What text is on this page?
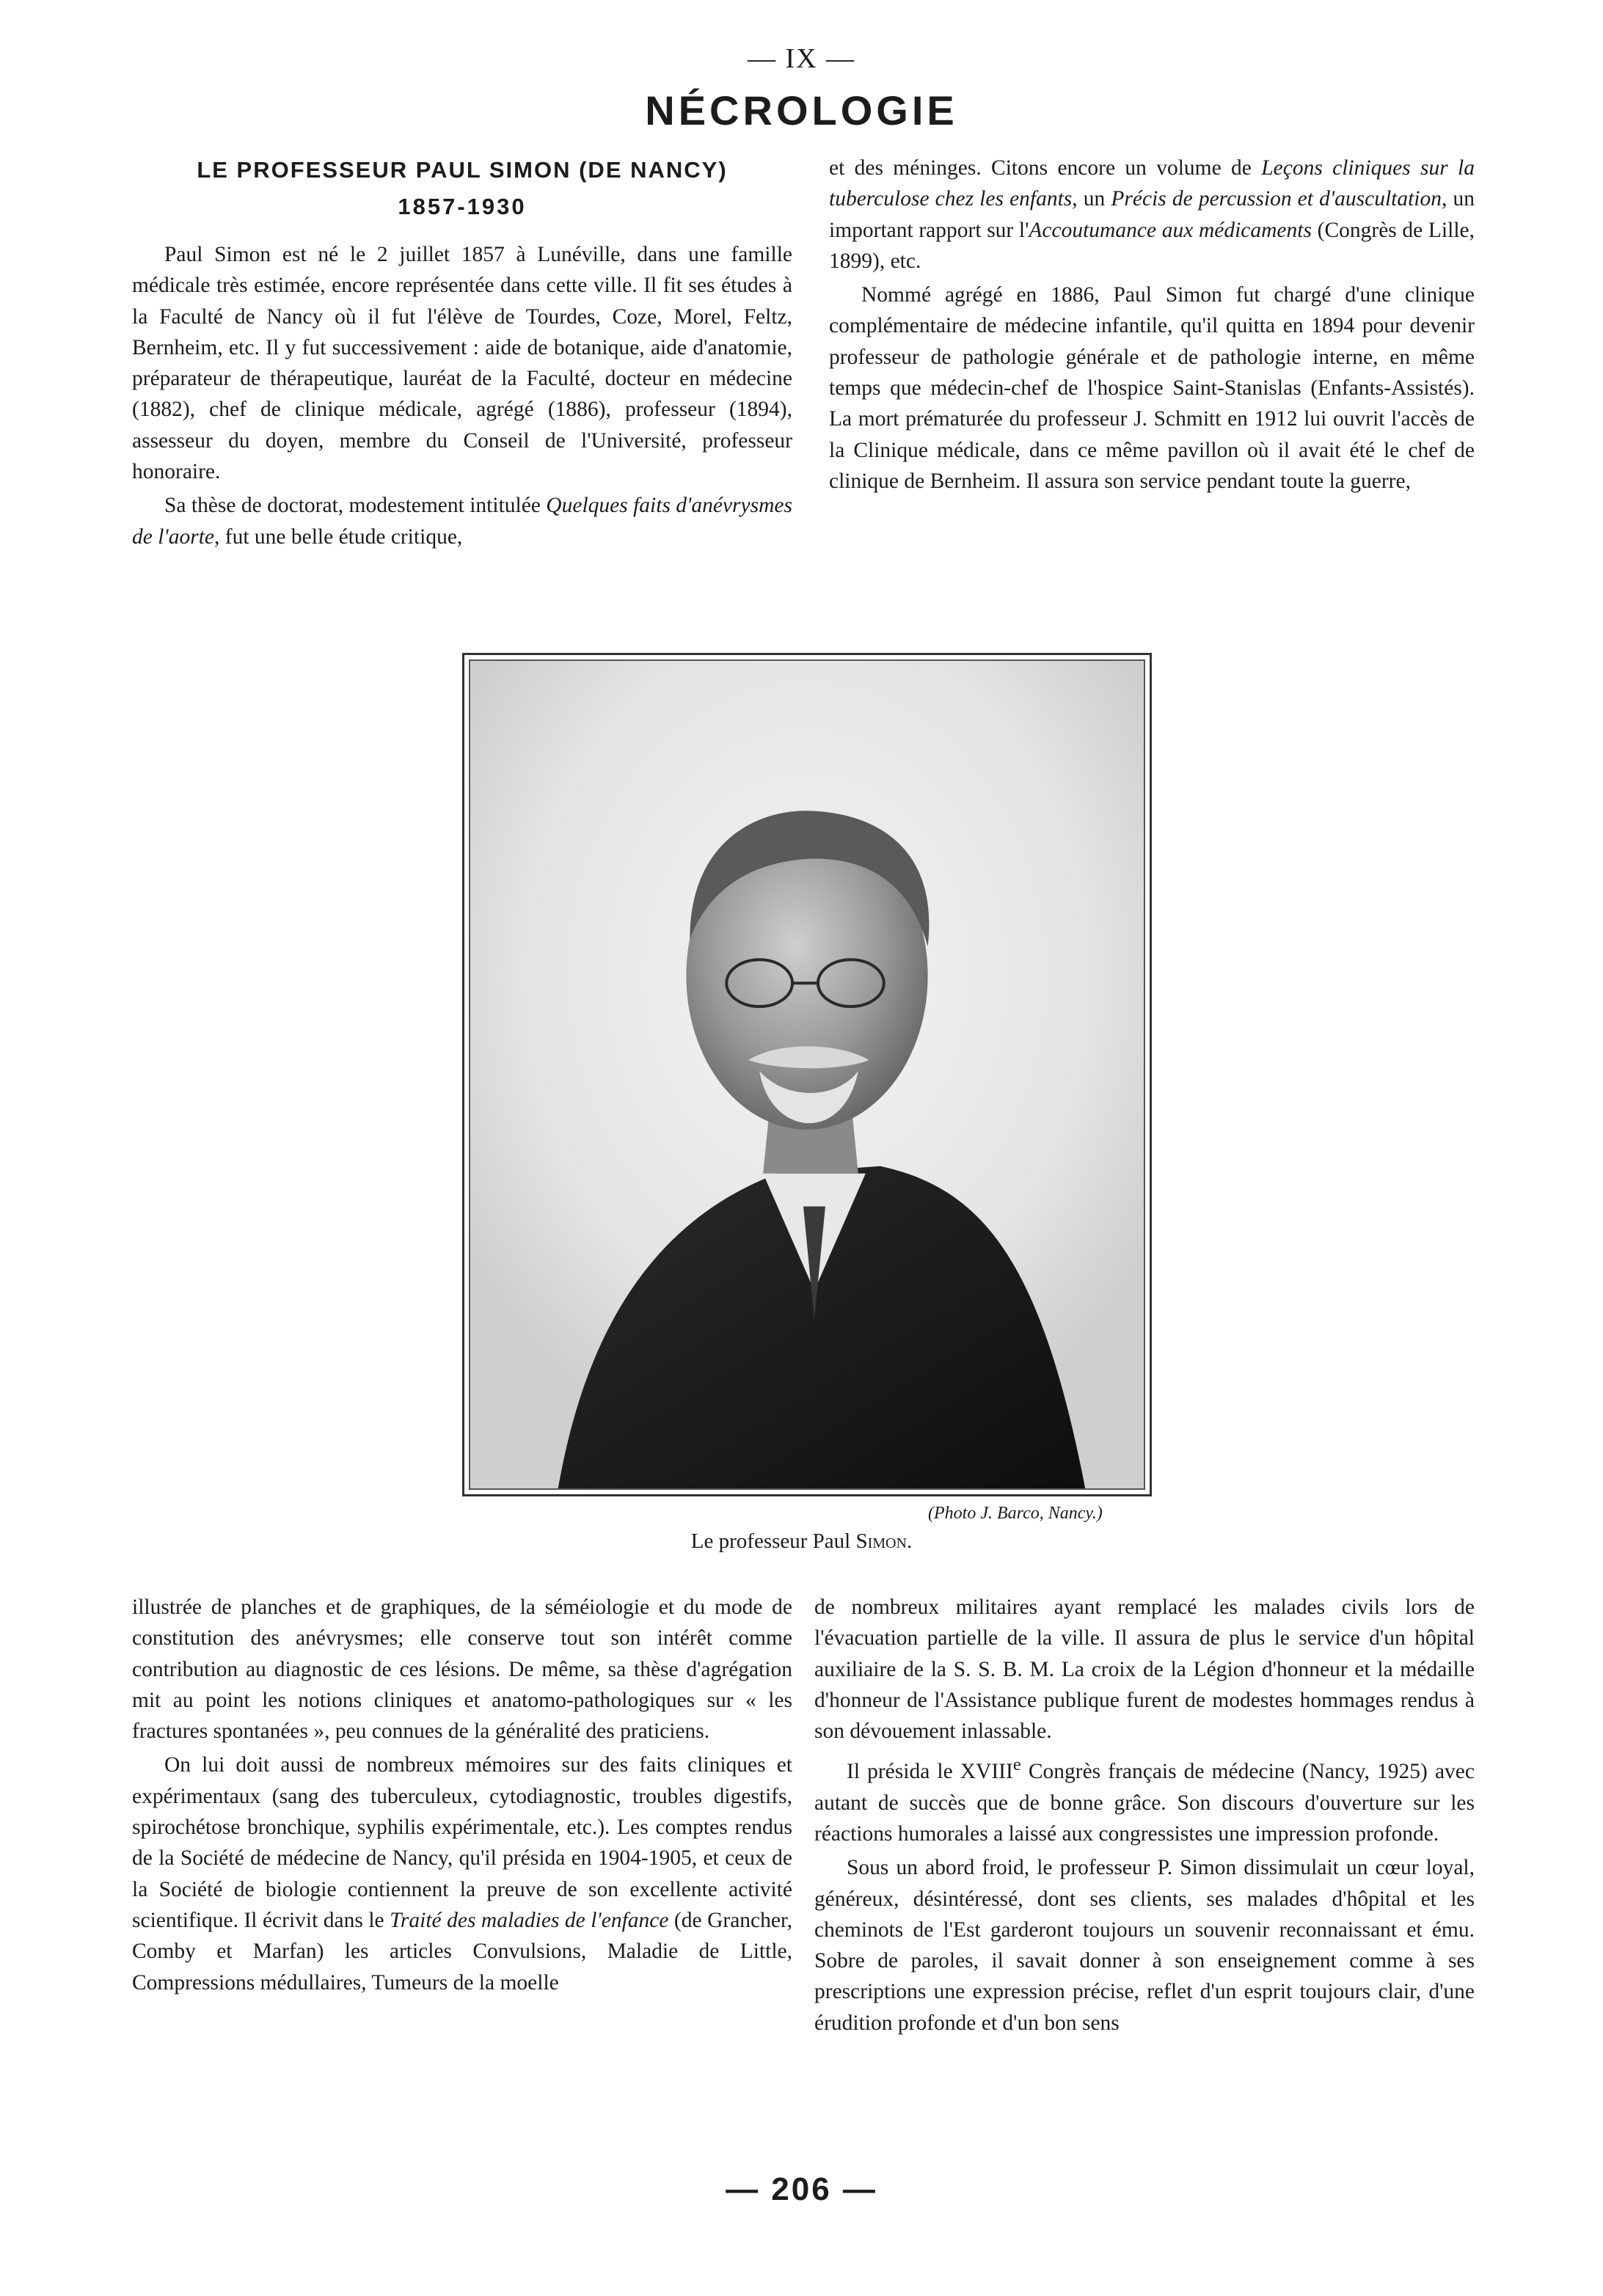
— IX —
NÉCROLOGIE
LE PROFESSEUR PAUL SIMON (DE NANCY)
1857-1930

Paul Simon est né le 2 juillet 1857 à Lunéville, dans une famille médicale très estimée, encore représentée dans cette ville. Il fit ses études à la Faculté de Nancy où il fut l'élève de Tourdes, Coze, Morel, Feltz, Bernheim, etc. Il y fut successivement : aide de botanique, aide d'anatomie, préparateur de thérapeutique, lauréat de la Faculté, docteur en médecine (1882), chef de clinique médicale, agrégé (1886), professeur (1894), assesseur du doyen, membre du Conseil de l'Université, professeur honoraire.

Sa thèse de doctorat, modestement intitulée Quelques faits d'anévrysmes de l'aorte, fut une belle étude critique,

et des méninges. Citons encore un volume de Leçons cliniques sur la tuberculose chez les enfants, un Précis de percussion et d'auscultation, un important rapport sur l'Accoutumance aux médicaments (Congrès de Lille, 1899), etc.

Nommé agrégé en 1886, Paul Simon fut chargé d'une clinique complémentaire de médecine infantile, qu'il quitta en 1894 pour devenir professeur de pathologie générale et de pathologie interne, en même temps que médecin-chef de l'hospice Saint-Stanislas (Enfants-Assistés). La mort prématurée du professeur J. Schmitt en 1912 lui ouvrit l'accès de la Clinique médicale, dans ce même pavillon où il avait été le chef de clinique de Bernheim. Il assura son service pendant toute la guerre,

(Photo J. Barco, Nancy.)
Le professeur Paul Simon.

illustrée de planches et de graphiques, de la séméiologie et du mode de constitution des anévrysmes; elle conserve tout son intérêt comme contribution au diagnostic de ces lésions. De même, sa thèse d'agrégation mit au point les notions cliniques et anatomo-pathologiques sur « les fractures spontanées », peu connues de la généralité des praticiens.

On lui doit aussi de nombreux mémoires sur des faits cliniques et expérimentaux (sang des tuberculeux, cytodiagnostic, troubles digestifs, spirochétose bronchique, syphilis expérimentale, etc.). Les comptes rendus de la Société de médecine de Nancy, qu'il présida en 1904-1905, et ceux de la Société de biologie contiennent la preuve de son excellente activité scientifique. Il écrivit dans le Traité des maladies de l'enfance (de Grancher, Comby et Marfan) les articles Convulsions, Maladie de Little, Compressions médullaires, Tumeurs de la moelle

de nombreux militaires ayant remplacé les malades civils lors de l'évacuation partielle de la ville. Il assura de plus le service d'un hôpital auxiliaire de la S. S. B. M. La croix de la Légion d'honneur et la médaille d'honneur de l'Assistance publique furent de modestes hommages rendus à son dévouement inlassable.

Il présida le XVIIIe Congrès français de médecine (Nancy, 1925) avec autant de succès que de bonne grâce. Son discours d'ouverture sur les réactions humorales a laissé aux congressistes une impression profonde.

Sous un abord froid, le professeur P. Simon dissimulait un cœur loyal, généreux, désintéressé, dont ses clients, ses malades d'hôpital et les cheminots de l'Est garderont toujours un souvenir reconnaissant et ému. Sobre de paroles, il savait donner à son enseignement comme à ses prescriptions une expression précise, reflet d'un esprit toujours clair, d'une érudition profonde et d'un bon sens

— 206 —
